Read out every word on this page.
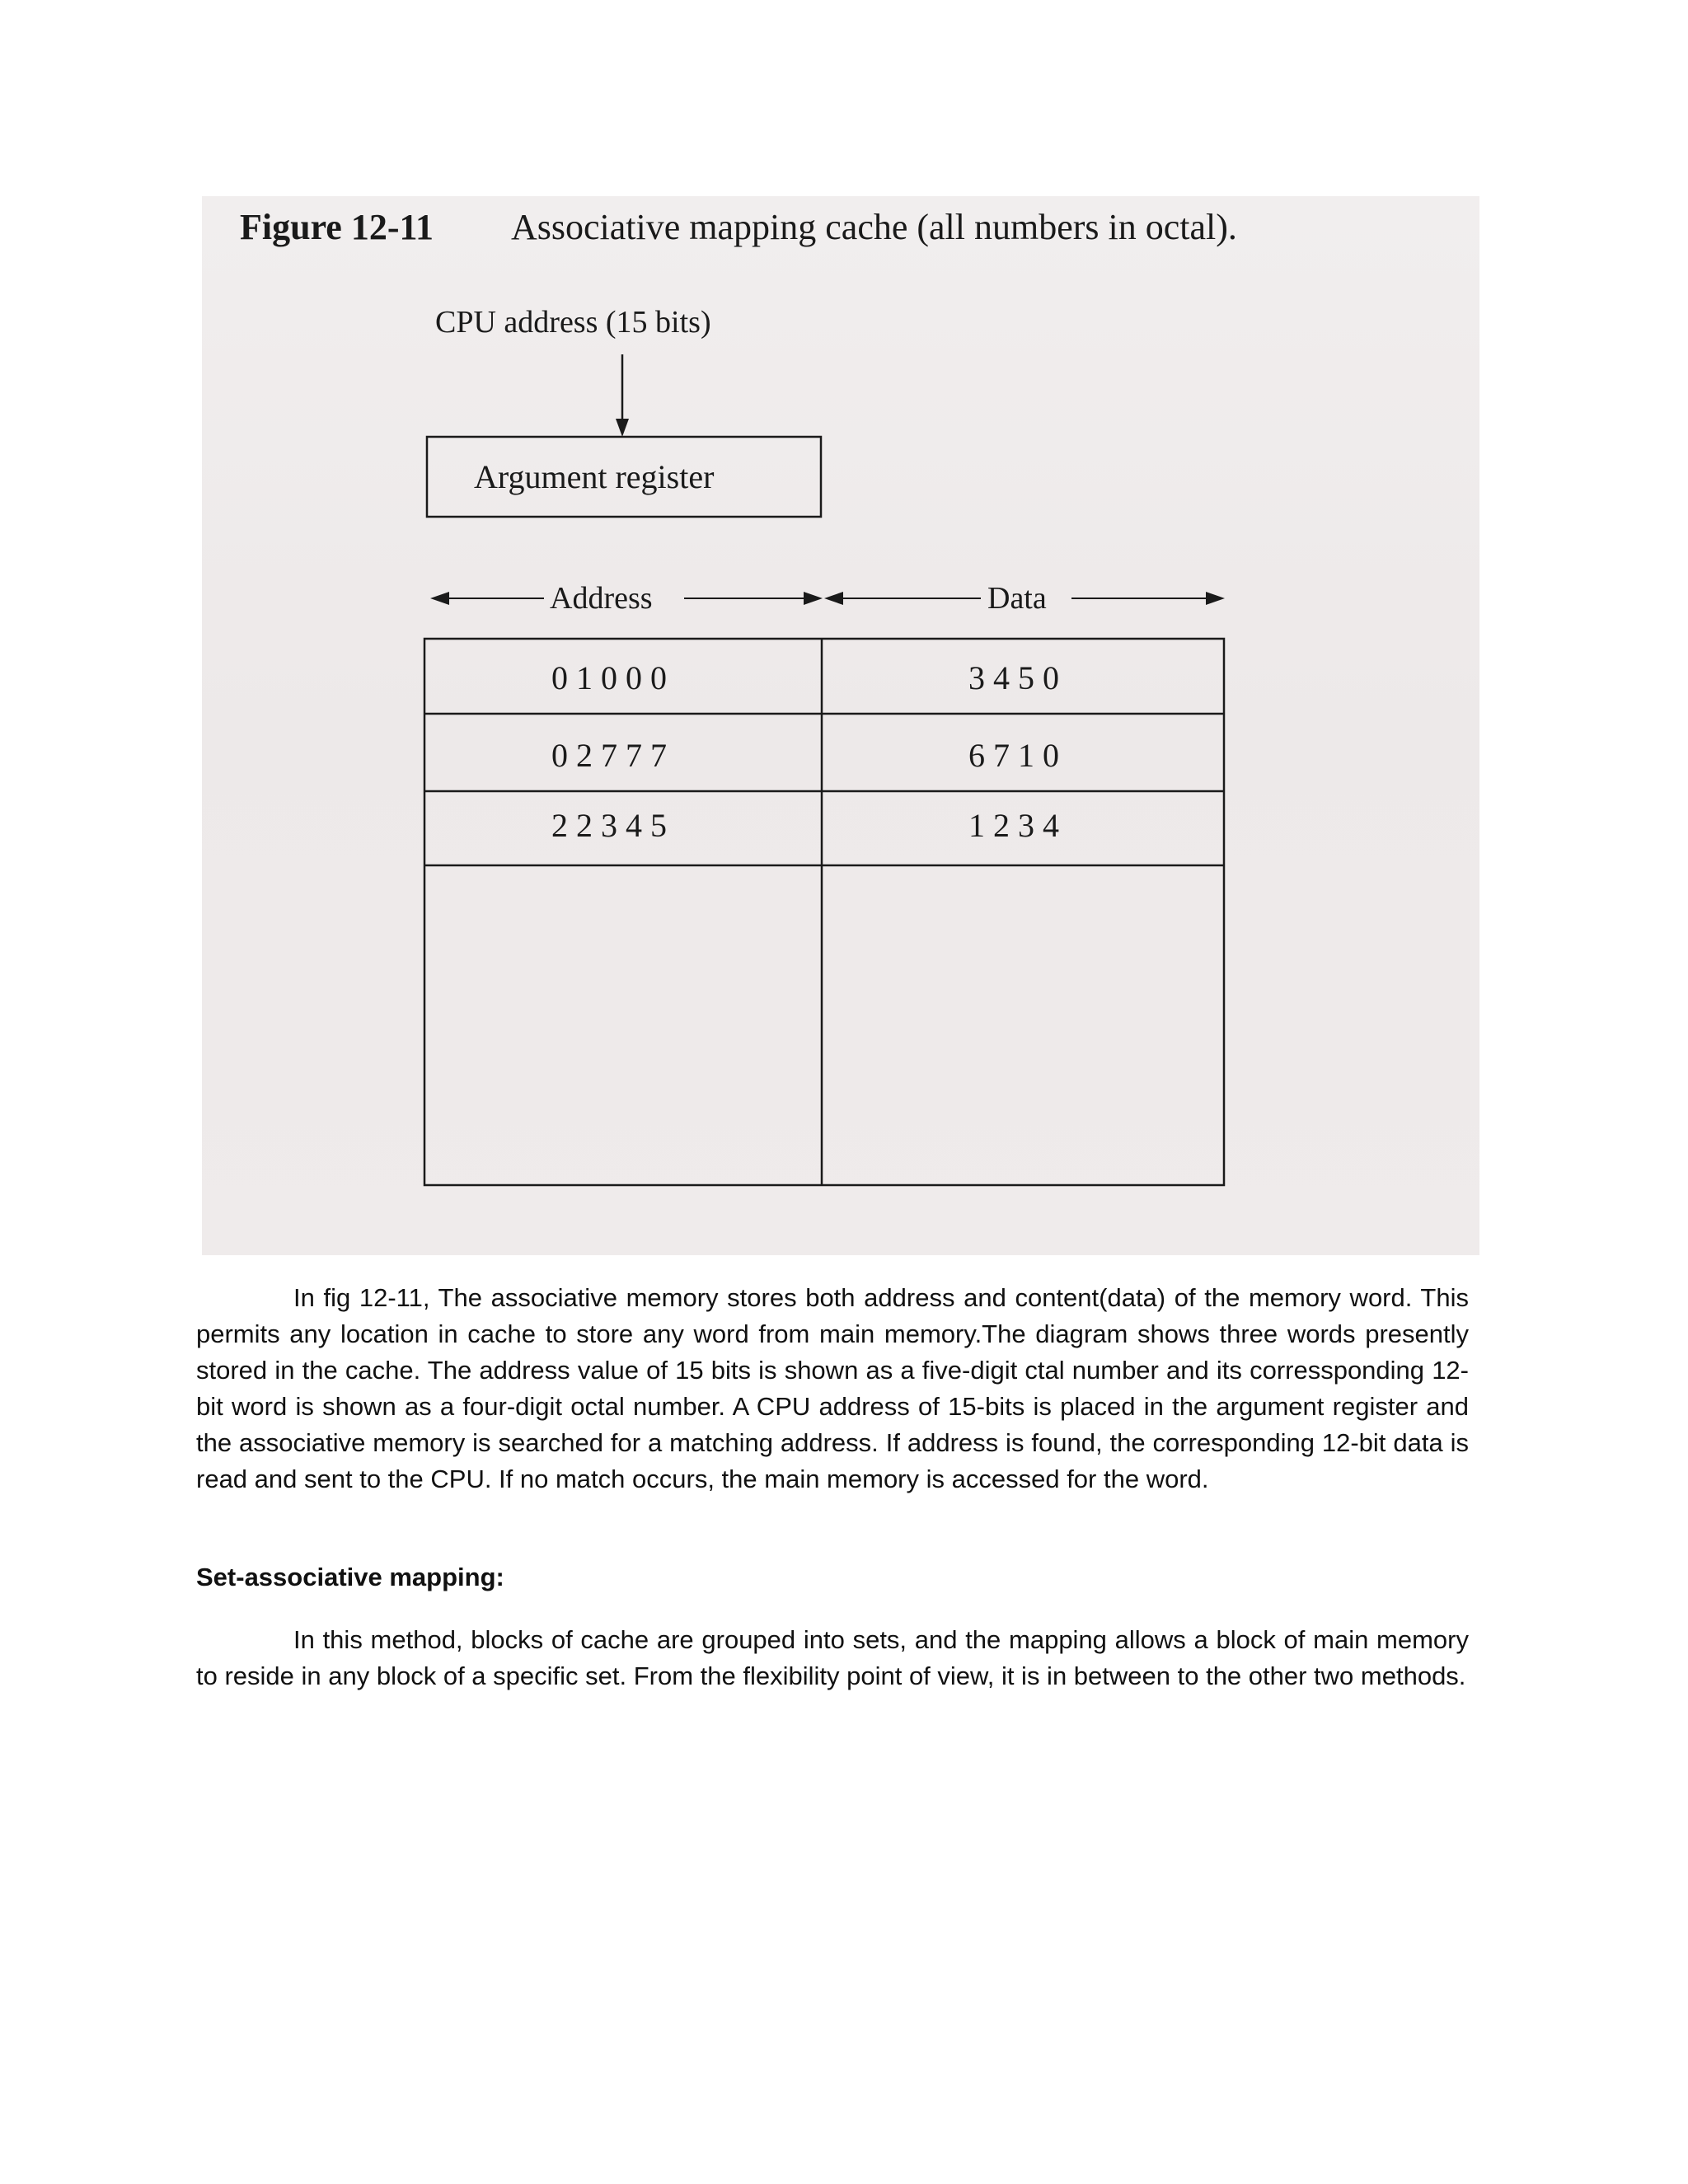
Figure 12-11 Associative mapping cache (all numbers in octal).
CPU address (15 bits)
Argument register
Address	Data
0 1 0 0 0	3 4 5 0
0 2 7 7 7	6 7 1 0
2 2 3 4 5	1 2 3 4

In fig 12-11, The associative memory stores both address and content(data) of the memory word. This permits any location in cache to store any word from main memory.The diagram shows three words presently stored in the cache. The address value of 15 bits is shown as a five-digit ctal number and its corressponding 12-bit word is shown as a four-digit octal number. A CPU address of 15-bits is placed in the argument register and the associative memory is searched for a matching address. If address is found, the corresponding 12-bit data is read and sent to the CPU. If no match occurs, the main memory is accessed for the word.

Set-associative mapping:

In this method, blocks of cache are grouped into sets, and the mapping allows a block of main memory to reside in any block of a specific set. From the flexibility point of view, it is in between to the other two methods.
